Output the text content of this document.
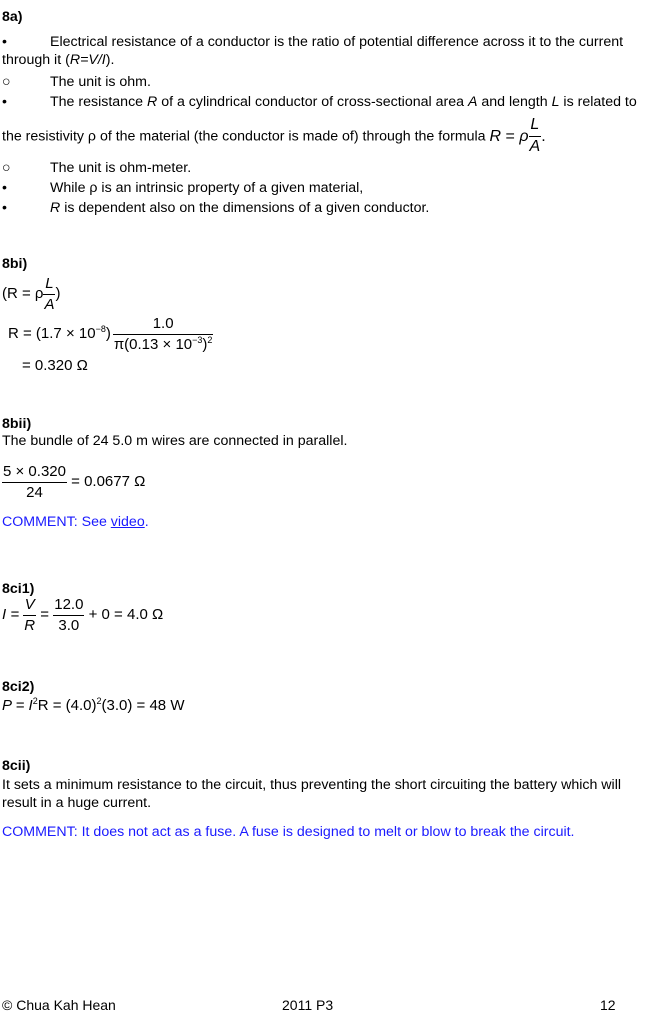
8a)
•	Electrical resistance of a conductor is the ratio of potential difference across it to the current
through it (R=V/I).
○	The unit is ohm.
•	The resistance R of a cylindrical conductor of cross-sectional area A and length L is related to
the resistivity ρ of the material (the conductor is made of) through the formula R = ρ $\frac{L}{A}$ .
○	The unit is ohm-meter.
•	While ρ is an intrinsic property of a given material,
•	R is dependent also on the dimensions of a given conductor.
8bi)
(R = ρ $\frac{L}{A}$ )
$R = (1.7 \times 10^{-8}) \frac{1.0}{\pi(0.13 \times 10^{-3})^2}$
= 0.320 Ω
8bii)
The bundle of 24 5.0 m wires are connected in parallel.
$\frac{5 \times 0.320}{24} = 0.0677$ Ω
COMMENT: See video.
8ci1)
$I = \frac{V}{R} = \frac{12.0}{3.0} + 0 = 4.0$ Ω
8ci2)
$P = I^2R = (4.0)^2(3.0) = 48$ W
8cii)
It sets a minimum resistance to the circuit, thus preventing the short circuiting the battery which will
result in a huge current.
COMMENT: It does not act as a fuse. A fuse is designed to melt or blow to break the circuit.
© Chua Kah Hean	2011 P3	12
